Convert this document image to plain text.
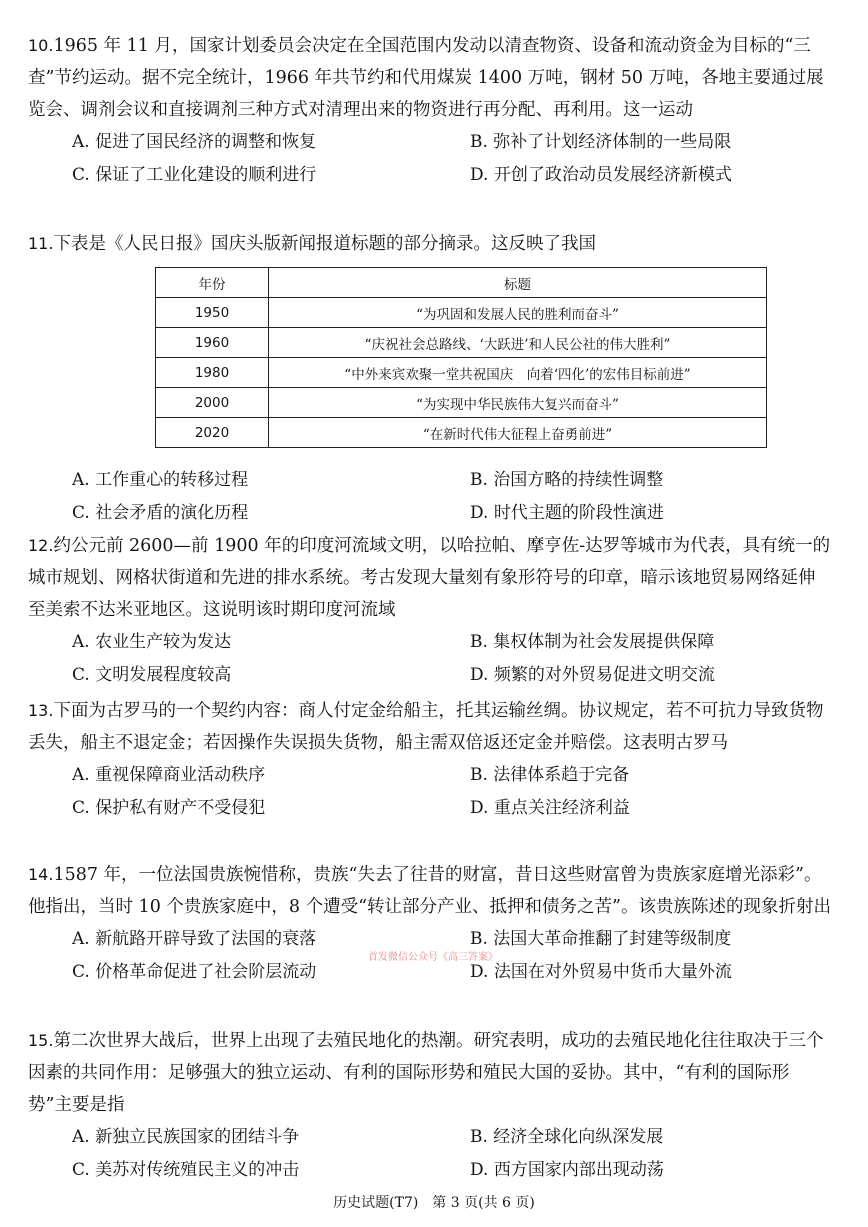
10.1965 年 11 月，国家计划委员会决定在全国范围内发动以清查物资、设备和流动资金为目标的“三查”节约运动。据不完全统计，1966 年共节约和代用煤炭 1400 万吨，钢材 50 万吨，各地主要通过展览会、调剂会议和直接调剂三种方式对清理出来的物资进行再分配、再利用。这一运动

A. 促进了国民经济的调整和恢复	B. 弥补了计划经济体制的一些局限
C. 保证了工业化建设的顺利进行	D. 开创了政治动员发展经济新模式

11.下表是《人民日报》国庆头版新闻报道标题的部分摘录。这反映了我国

年份	标题
1950	“为巩固和发展人民的胜利而奋斗”
1960	“庆祝社会总路线、‘大跃进’和人民公社的伟大胜利”
1980	“中外来宾欢聚一堂共祝国庆　向着‘四化’的宏伟目标前进”
2000	“为实现中华民族伟大复兴而奋斗”
2020	“在新时代伟大征程上奋勇前进”
A. 工作重心的转移过程	B. 治国方略的持续性调整
C. 社会矛盾的演化历程	D. 时代主题的阶段性演进

12.约公元前 2600—前 1900 年的印度河流域文明，以哈拉帕、摩亨佐-达罗等城市为代表，具有统一的城市规划、网格状街道和先进的排水系统。考古发现大量刻有象形符号的印章，暗示该地贸易网络延伸至美索不达米亚地区。这说明该时期印度河流域

A. 农业生产较为发达	B. 集权体制为社会发展提供保障
C. 文明发展程度较高	D. 频繁的对外贸易促进文明交流

13.下面为古罗马的一个契约内容：商人付定金给船主，托其运输丝绸。协议规定，若不可抗力导致货物丢失，船主不退定金；若因操作失误损失货物，船主需双倍返还定金并赔偿。这表明古罗马

A. 重视保障商业活动秩序	B. 法律体系趋于完备
C. 保护私有财产不受侵犯	D. 重点关注经济利益

14.1587 年，一位法国贵族惋惜称，贵族“失去了往昔的财富，昔日这些财富曾为贵族家庭增光添彩”。他指出，当时 10 个贵族家庭中，8 个遭受“转让部分产业、抵押和债务之苦”。该贵族陈述的现象折射出

A. 新航路开辟导致了法国的衰落	B. 法国大革命推翻了封建等级制度
C. 价格革命促进了社会阶层流动	D. 法国在对外贸易中货币大量外流
首发微信公众号《高三答案》

15.第二次世界大战后，世界上出现了去殖民地化的热潮。研究表明，成功的去殖民地化往往取决于三个因素的共同作用：足够强大的独立运动、有利的国际形势和殖民大国的妥协。其中，“有利的国际形势”主要是指

A. 新独立民族国家的团结斗争	B. 经济全球化向纵深发展
C. 美苏对传统殖民主义的冲击	D. 西方国家内部出现动荡
历史试题(T7)　第 3 页(共 6 页)
